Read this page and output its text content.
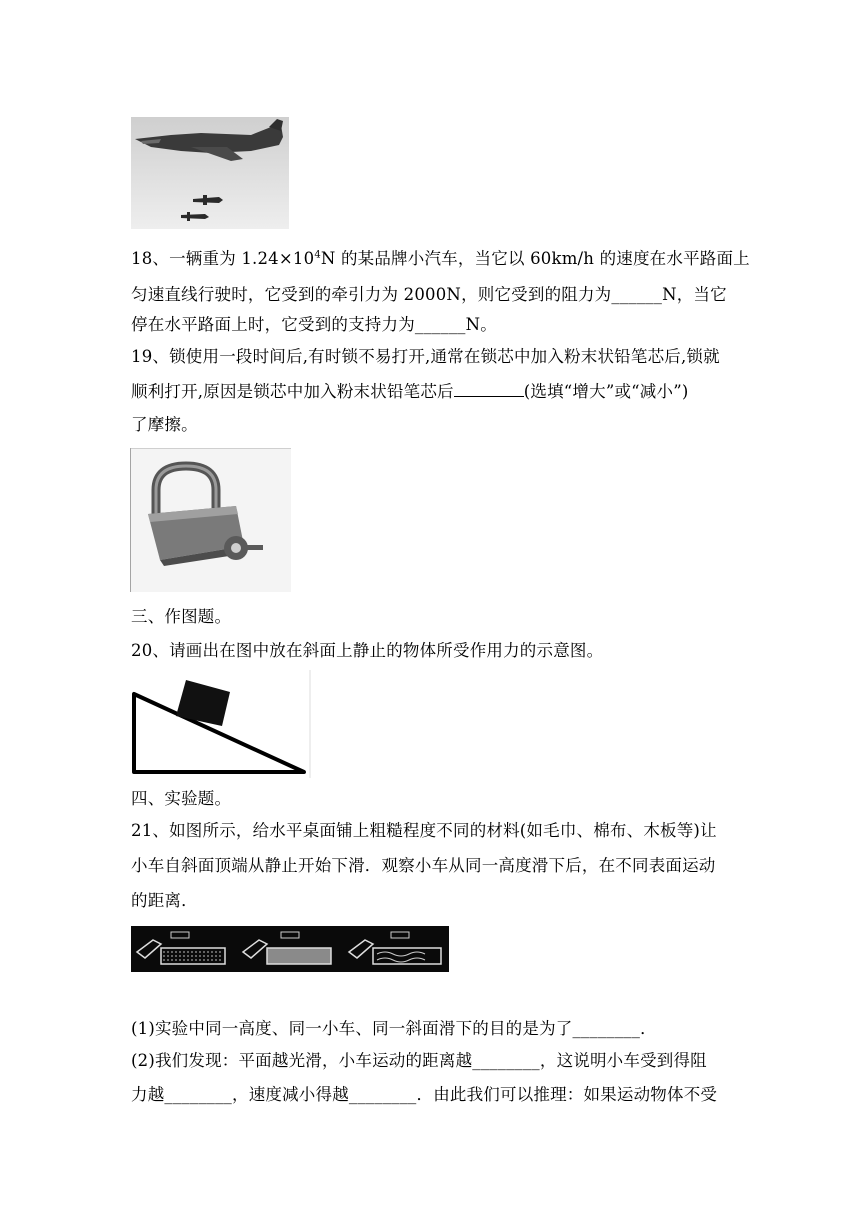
18、一辆重为 $1.24\times 10^4N$ 的某品牌小汽车，当它以 60km/h 的速度在水平路面上
匀速直线行驶时，它受到的牵引力为 2000N，则它受到的阻力为______N，当它
停在水平路面上时，它受到的支持力为______N。
19、锁使用一段时间后,有时锁不易打开,通常在锁芯中加入粉末状铅笔芯后,锁就
顺利打开,原因是锁芯中加入粉末状铅笔芯后	(选填“增大”或“减小”)
了摩擦。
三、作图题。
20、请画出在图中放在斜面上静止的物体所受作用力的示意图。
四、实验题。
21、如图所示，给水平桌面铺上粗糙程度不同的材料(如毛巾、棉布、木板等)让
小车自斜面顶端从静止开始下滑．观察小车从同一高度滑下后，在不同表面运动
的距离．
(1)实验中同一高度、同一小车、同一斜面滑下的目的是为了________．
(2)我们发现：平面越光滑，小车运动的距离越________，这说明小车受到得阻
力越________，速度减小得越________．由此我们可以推理：如果运动物体不受
